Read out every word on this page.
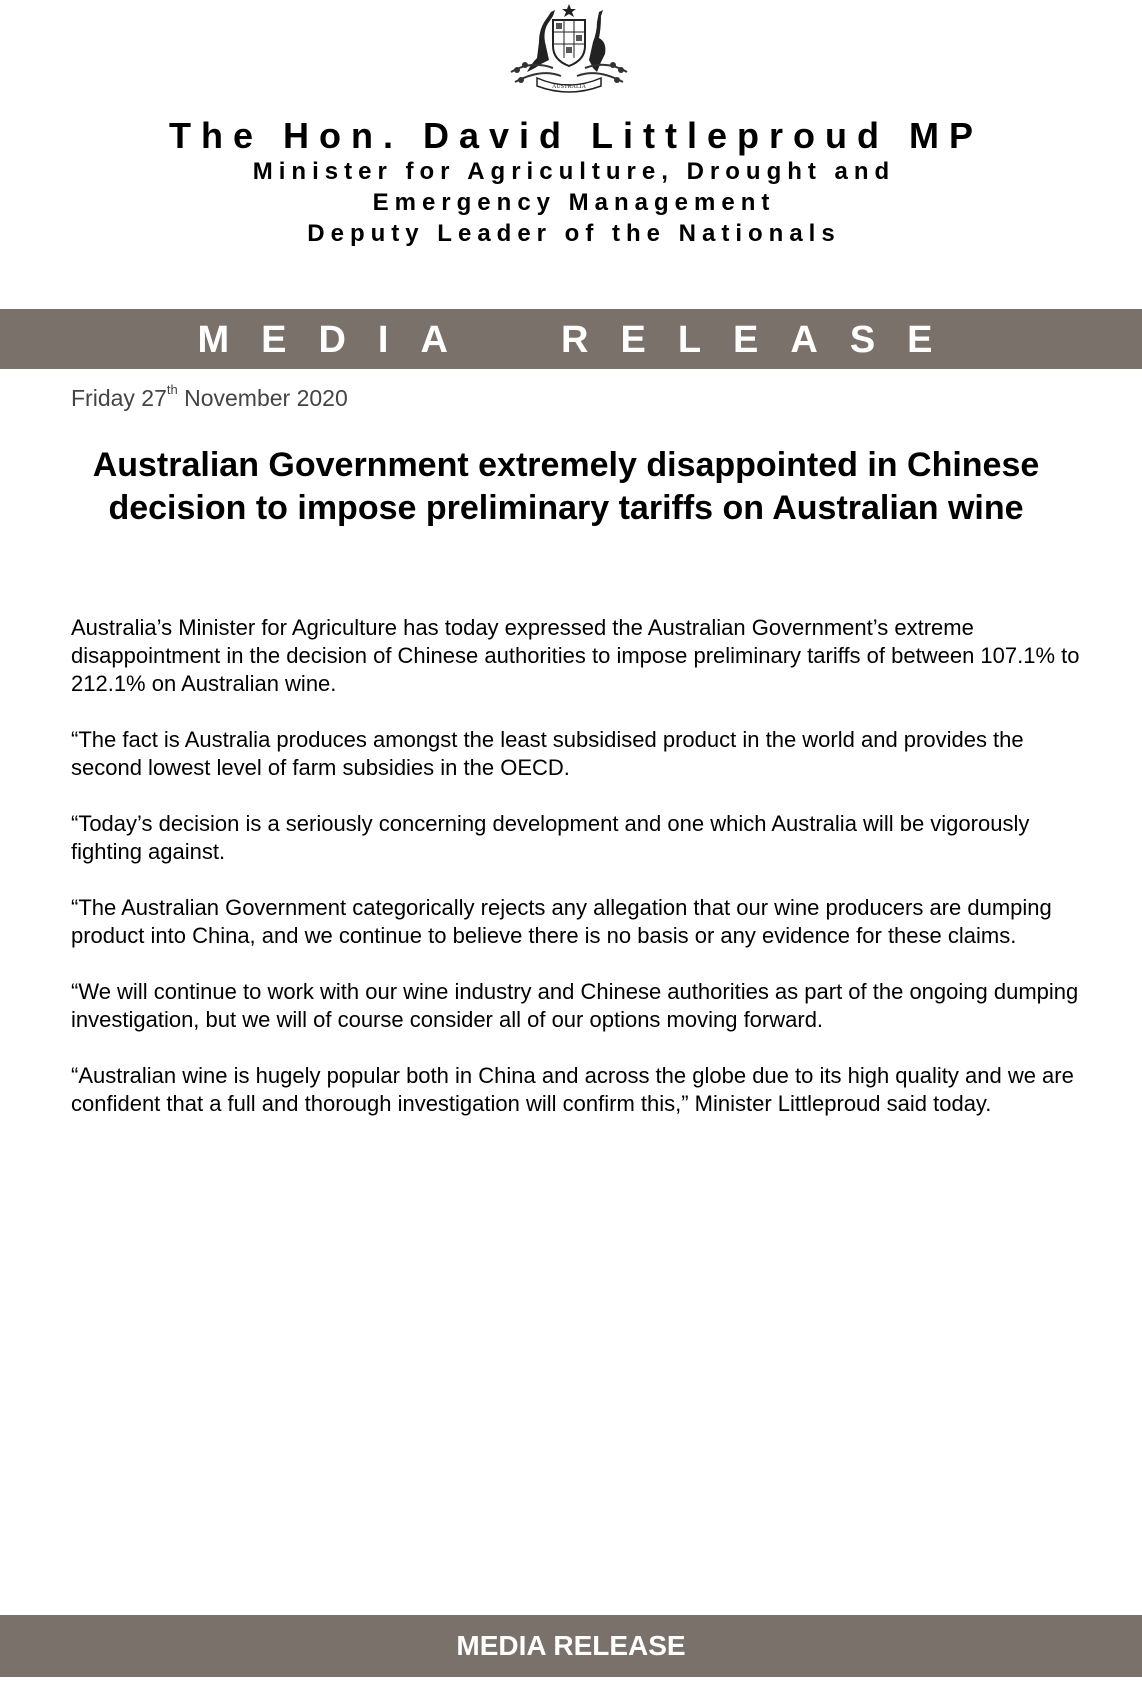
AUSTRALIA
The Hon. David Littleproud MP
Minister for Agriculture, Drought and
Emergency Management
Deputy Leader of the Nationals
MEDIA RELEASE
Friday 27th November 2020
Australian Government extremely disappointed in Chinese decision to impose preliminary tariffs on Australian wine

Australia’s Minister for Agriculture has today expressed the Australian Government’s extreme disappointment in the decision of Chinese authorities to impose preliminary tariffs of between 107.1% to 212.1% on Australian wine.

“The fact is Australia produces amongst the least subsidised product in the world and provides the second lowest level of farm subsidies in the OECD.

“Today’s decision is a seriously concerning development and one which Australia will be vigorously fighting against.

“The Australian Government categorically rejects any allegation that our wine producers are dumping product into China, and we continue to believe there is no basis or any evidence for these claims.

“We will continue to work with our wine industry and Chinese authorities as part of the ongoing dumping investigation, but we will of course consider all of our options moving forward.

“Australian wine is hugely popular both in China and across the globe due to its high quality and we are confident that a full and thorough investigation will confirm this,” Minister Littleproud said today.

MEDIA RELEASE
